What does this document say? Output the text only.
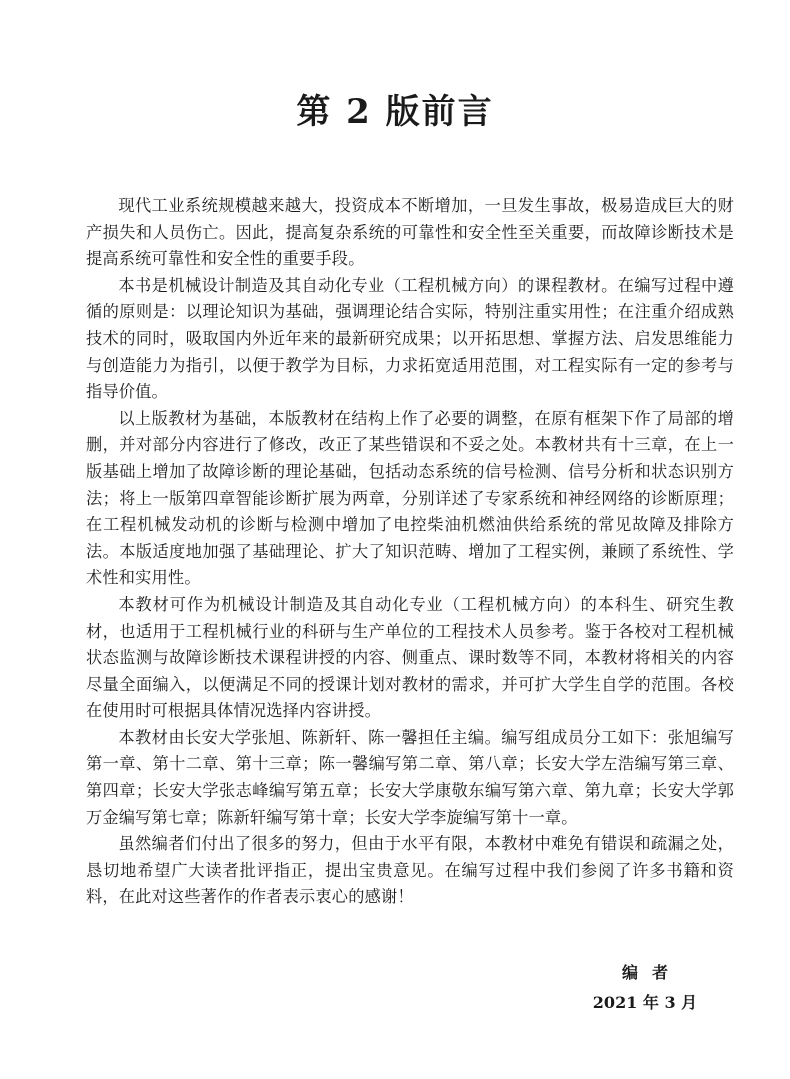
第 2 版前言

现代工业系统规模越来越大，投资成本不断增加，一旦发生事故，极易造成巨大的财产损失和人员伤亡。因此，提高复杂系统的可靠性和安全性至关重要，而故障诊断技术是提高系统可靠性和安全性的重要手段。

本书是机械设计制造及其自动化专业（工程机械方向）的课程教材。在编写过程中遵循的原则是：以理论知识为基础，强调理论结合实际，特别注重实用性；在注重介绍成熟技术的同时，吸取国内外近年来的最新研究成果；以开拓思想、掌握方法、启发思维能力与创造能力为指引，以便于教学为目标，力求拓宽适用范围，对工程实际有一定的参考与指导价值。

以上版教材为基础，本版教材在结构上作了必要的调整，在原有框架下作了局部的增删，并对部分内容进行了修改，改正了某些错误和不妥之处。本教材共有十三章，在上一版基础上增加了故障诊断的理论基础，包括动态系统的信号检测、信号分析和状态识别方法；将上一版第四章智能诊断扩展为两章，分别详述了专家系统和神经网络的诊断原理；在工程机械发动机的诊断与检测中增加了电控柴油机燃油供给系统的常见故障及排除方法。本版适度地加强了基础理论、扩大了知识范畴、增加了工程实例，兼顾了系统性、学术性和实用性。

本教材可作为机械设计制造及其自动化专业（工程机械方向）的本科生、研究生教材，也适用于工程机械行业的科研与生产单位的工程技术人员参考。鉴于各校对工程机械状态监测与故障诊断技术课程讲授的内容、侧重点、课时数等不同，本教材将相关的内容尽量全面编入，以便满足不同的授课计划对教材的需求，并可扩大学生自学的范围。各校在使用时可根据具体情况选择内容讲授。

本教材由长安大学张旭、陈新轩、陈一馨担任主编。编写组成员分工如下：张旭编写第一章、第十二章、第十三章；陈一馨编写第二章、第八章；长安大学左浩编写第三章、第四章；长安大学张志峰编写第五章；长安大学康敬东编写第六章、第九章；长安大学郭万金编写第七章；陈新轩编写第十章；长安大学李旋编写第十一章。

虽然编者们付出了很多的努力，但由于水平有限，本教材中难免有错误和疏漏之处，恳切地希望广大读者批评指正，提出宝贵意见。在编写过程中我们参阅了许多书籍和资料，在此对这些著作的作者表示衷心的感谢！

编者
2021 年 3 月
